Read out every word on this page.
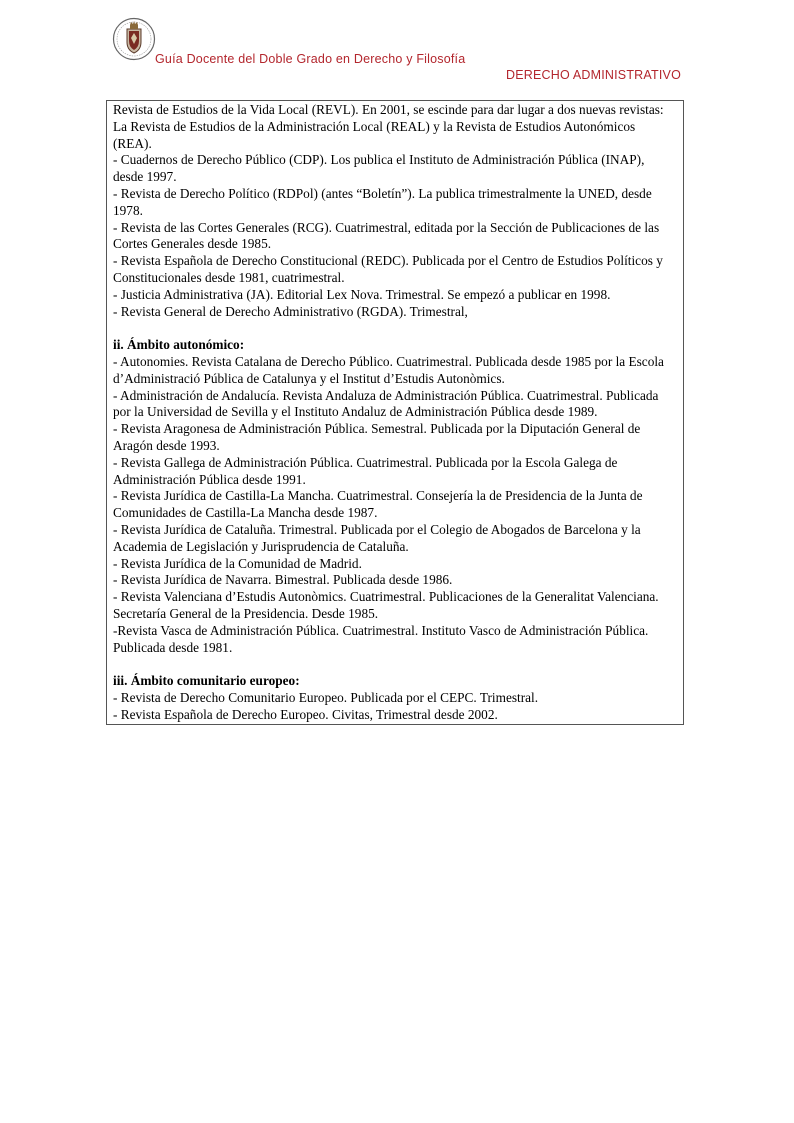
Guía Docente del Doble Grado en Derecho y Filosofía
DERECHO ADMINISTRATIVO

Revista de Estudios de la Vida Local (REVL). En 2001, se escinde para dar lugar a dos nuevas revistas: La Revista de Estudios de la Administración Local (REAL) y la Revista de Estudios Autonómicos (REA).

- Cuadernos de Derecho Público (CDP). Los publica el Instituto de Administración Pública (INAP), desde 1997.

- Revista de Derecho Político (RDPol) (antes “Boletín”). La publica trimestralmente la UNED, desde 1978.

- Revista de las Cortes Generales (RCG). Cuatrimestral, editada por la Sección de Publicaciones de las Cortes Generales desde 1985.

- Revista Española de Derecho Constitucional (REDC). Publicada por el Centro de Estudios Políticos y Constitucionales desde 1981, cuatrimestral.

- Justicia Administrativa (JA). Editorial Lex Nova. Trimestral. Se empezó a publicar en 1998.

- Revista General de Derecho Administrativo (RGDA). Trimestral,

ii. Ámbito autonómico:

- Autonomies. Revista Catalana de Derecho Público. Cuatrimestral. Publicada desde 1985 por la Escola d’Administració Pública de Catalunya y el Institut d’Estudis Autonòmics.

- Administración de Andalucía. Revista Andaluza de Administración Pública. Cuatrimestral. Publicada por la Universidad de Sevilla y el Instituto Andaluz de Administración Pública desde 1989.

- Revista Aragonesa de Administración Pública. Semestral. Publicada por la Diputación General de Aragón desde 1993.

- Revista Gallega de Administración Pública. Cuatrimestral. Publicada por la Escola Galega de Administración Pública desde 1991.

- Revista Jurídica de Castilla-La Mancha. Cuatrimestral. Consejería la de Presidencia de la Junta de Comunidades de Castilla-La Mancha desde 1987.

- Revista Jurídica de Cataluña. Trimestral. Publicada por el Colegio de Abogados de Barcelona y la Academia de Legislación y Jurisprudencia de Cataluña.

- Revista Jurídica de la Comunidad de Madrid.

- Revista Jurídica de Navarra. Bimestral. Publicada desde 1986.

- Revista Valenciana d’Estudis Autonòmics. Cuatrimestral. Publicaciones de la Generalitat Valenciana. Secretaría General de la Presidencia. Desde 1985.

-Revista Vasca de Administración Pública. Cuatrimestral. Instituto Vasco de Administración Pública. Publicada desde 1981.

iii. Ámbito comunitario europeo:

- Revista de Derecho Comunitario Europeo. Publicada por el CEPC. Trimestral.

- Revista Española de Derecho Europeo. Civitas, Trimestral desde 2002.
